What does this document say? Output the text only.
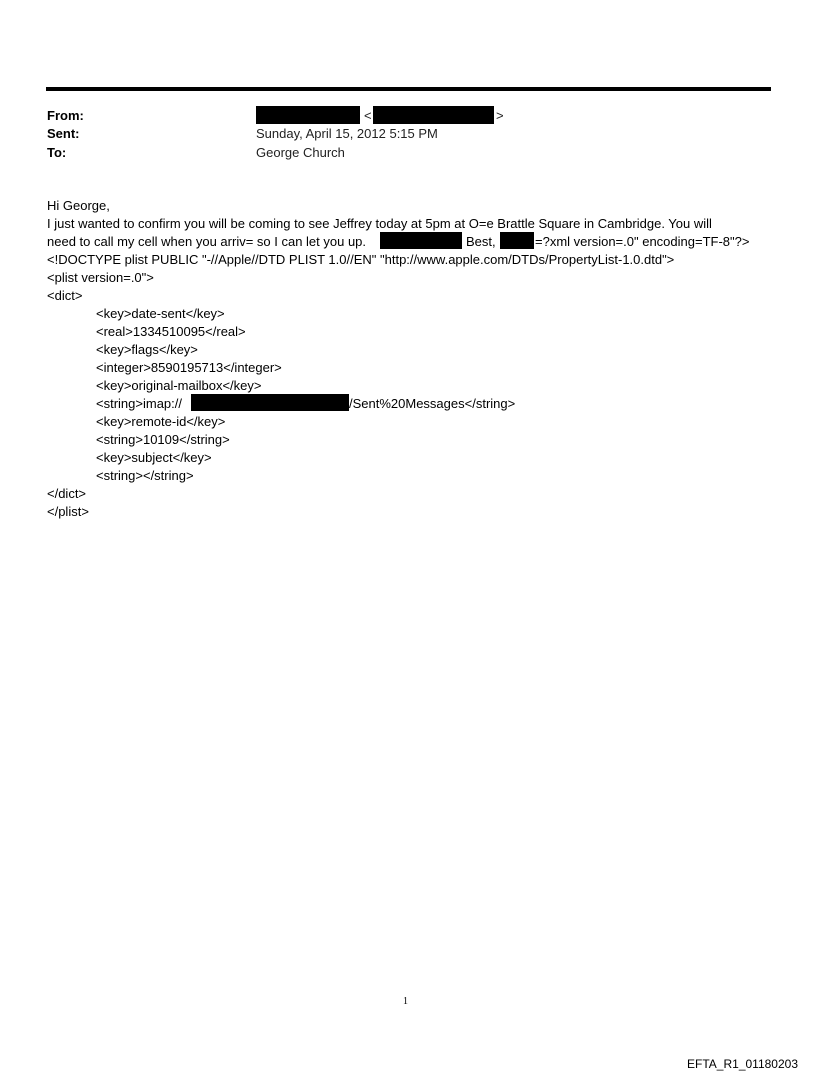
From:	<	>
Sent:	Sunday, April 15, 2012 5:15 PM
To:	George Church
Hi George,
I just wanted to confirm you will be coming to see Jeffrey today at 5pm at O=e Brattle Square in Cambridge. You will
need to call my cell when you arriv= so I can let you up.	Best,	=?xml version=.0" encoding=TF-8"?>
<!DOCTYPE plist PUBLIC "-//Apple//DTD PLIST 1.0//EN" "http://www.apple.com/DTDs/PropertyList-1.0.dtd">
<plist version=.0">
<dict>
<key>date-sent</key>
<real>1334510095</real>
<key>flags</key>
<integer>8590195713</integer>
<key>original-mailbox</key>
<string>imap://	/Sent%20Messages</string>
<key>remote-id</key>
<string>10109</string>
<key>subject</key>
<string></string>
</dict>
</plist>
1
EFTA_R1_01180203
